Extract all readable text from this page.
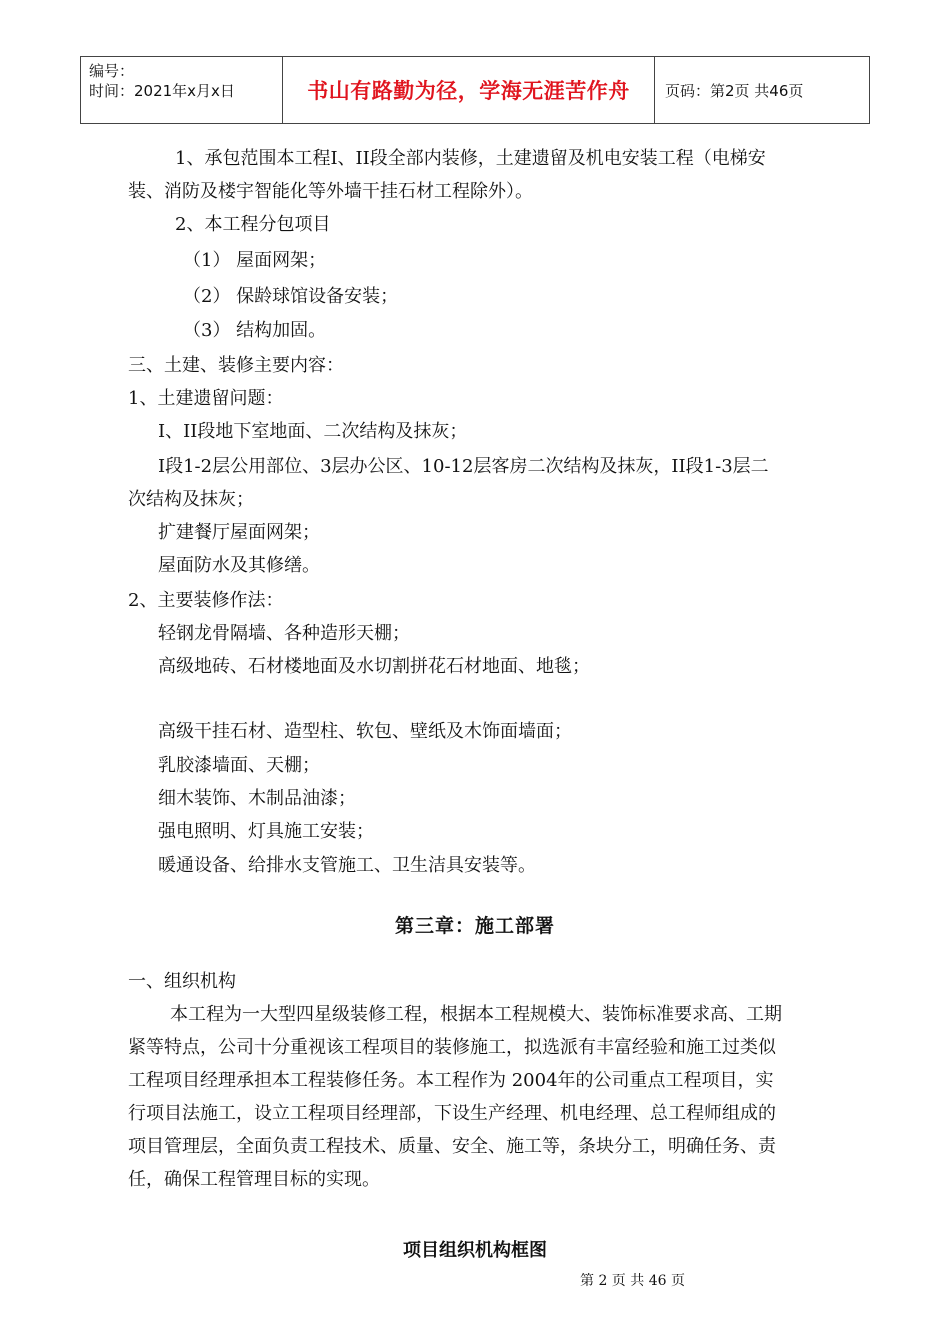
编号：
时间：2021年x月x日	书山有路勤为径，学海无涯苦作舟	页码：第2页 共46页
1、承包范围本工程I、II段全部内装修，土建遗留及机电安装工程（电梯安
装、消防及楼宇智能化等外墙干挂石材工程除外）。
2、本工程分包项目
（1） 屋面网架；
（2） 保龄球馆设备安装；
（3） 结构加固。
三、土建、装修主要内容：
1、土建遗留问题：
I、II段地下室地面、二次结构及抹灰；
I段1-2层公用部位、3层办公区、10-12层客房二次结构及抹灰，II段1-3层二
次结构及抹灰；
扩建餐厅屋面网架；
屋面防水及其修缮。
2、主要装修作法：
轻钢龙骨隔墙、各种造形天棚；
高级地砖、石材楼地面及水切割拼花石材地面、地毯；
高级干挂石材、造型柱、软包、壁纸及木饰面墙面；
乳胶漆墙面、天棚；
细木装饰、木制品油漆；
强电照明、灯具施工安装；
暖通设备、给排水支管施工、卫生洁具安装等。
第三章：施工部署
一、组织机构
本工程为一大型四星级装修工程，根据本工程规模大、装饰标准要求高、工期
紧等特点，公司十分重视该工程项目的装修施工，拟选派有丰富经验和施工过类似
工程项目经理承担本工程装修任务。本工程作为 2004年的公司重点工程项目，实
行项目法施工，设立工程项目经理部，下设生产经理、机电经理、总工程师组成的
项目管理层，全面负责工程技术、质量、安全、施工等，条块分工，明确任务、责
任，确保工程管理目标的实现。
项目组织机构框图
第 2 页 共 46 页
